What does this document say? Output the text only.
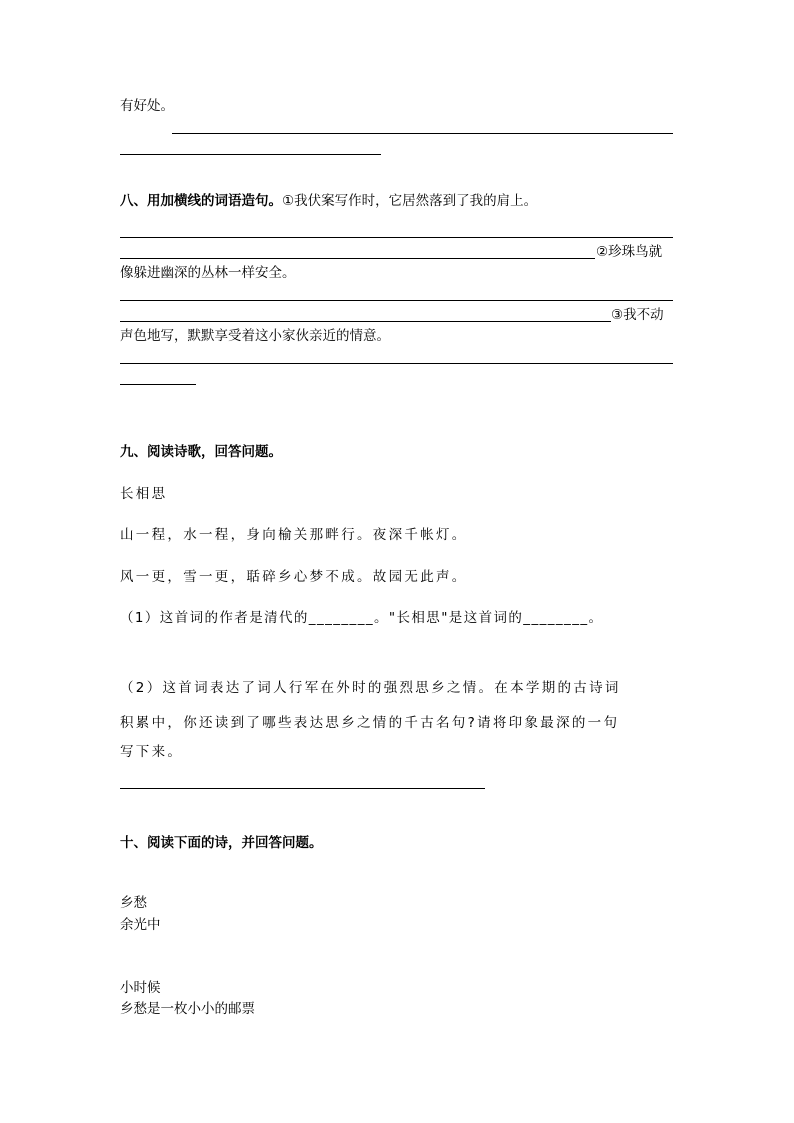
有好处。
八、用加横线的词语造句。①我伏案写作时，它居然落到了我的肩上。
②珍珠鸟就
像躲进幽深的丛林一样安全。
③我不动
声色地写，默默享受着这小家伙亲近的情意。
九、阅读诗歌，回答问题。
长相思
山一程，水一程，身向榆关那畔行。夜深千帐灯。
风一更，雪一更，聒碎乡心梦不成。故园无此声。
（1）这首词的作者是清代的________。"长相思"是这首词的________。
（2）这首词表达了词人行军在外时的强烈思乡之情。在本学期的古诗词
积累中，你还读到了哪些表达思乡之情的千古名句?请将印象最深的一句
写下来。
十、阅读下面的诗，并回答问题。
乡愁
余光中
小时候
乡愁是一枚小小的邮票
